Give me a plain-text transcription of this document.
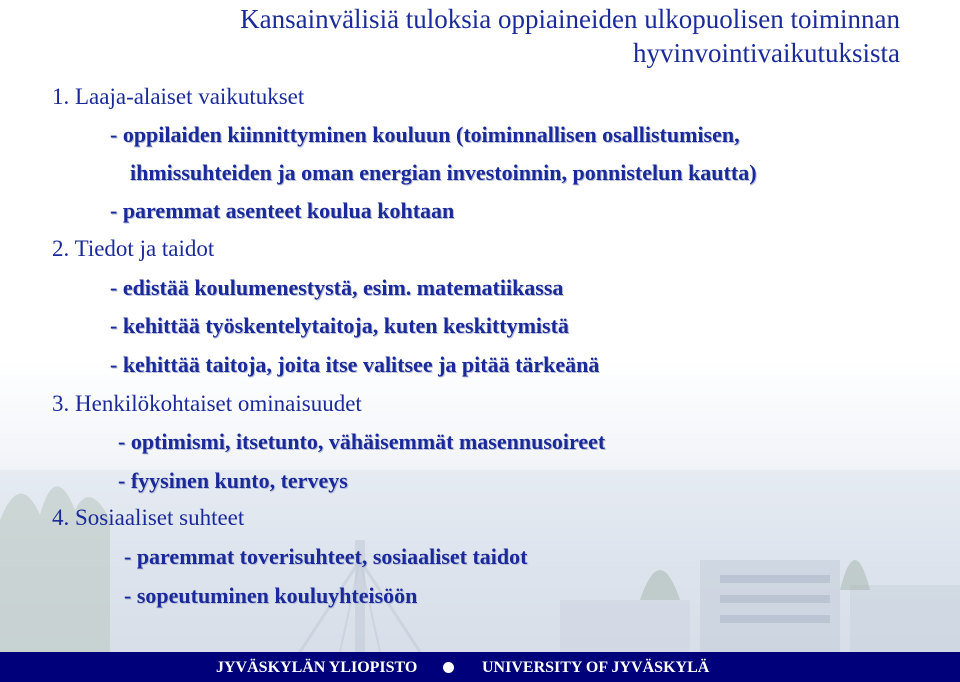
Kansainvälisiä tuloksia oppiaineiden ulkopuolisen toiminnan
hyvinvointivaikutuksista
1. Laaja-alaiset vaikutukset
- oppilaiden kiinnittyminen kouluun (toiminnallisen osallistumisen,
ihmissuhteiden ja oman energian investoinnin, ponnistelun kautta)
- paremmat asenteet koulua kohtaan
2. Tiedot ja taidot
- edistää koulumenestystä, esim. matematiikassa
- kehittää työskentelytaitoja, kuten keskittymistä
- kehittää taitoja, joita itse valitsee ja pitää tärkeänä
3. Henkilökohtaiset ominaisuudet
- optimismi, itsetunto, vähäisemmät masennusoireet
- fyysinen kunto, terveys
4. Sosiaaliset suhteet
- paremmat toverisuhteet, sosiaaliset taidot
- sopeutuminen kouluyhteisöön
JYVÄSKYLÄN YLIOPISTO	UNIVERSITY OF JYVÄSKYLÄ
